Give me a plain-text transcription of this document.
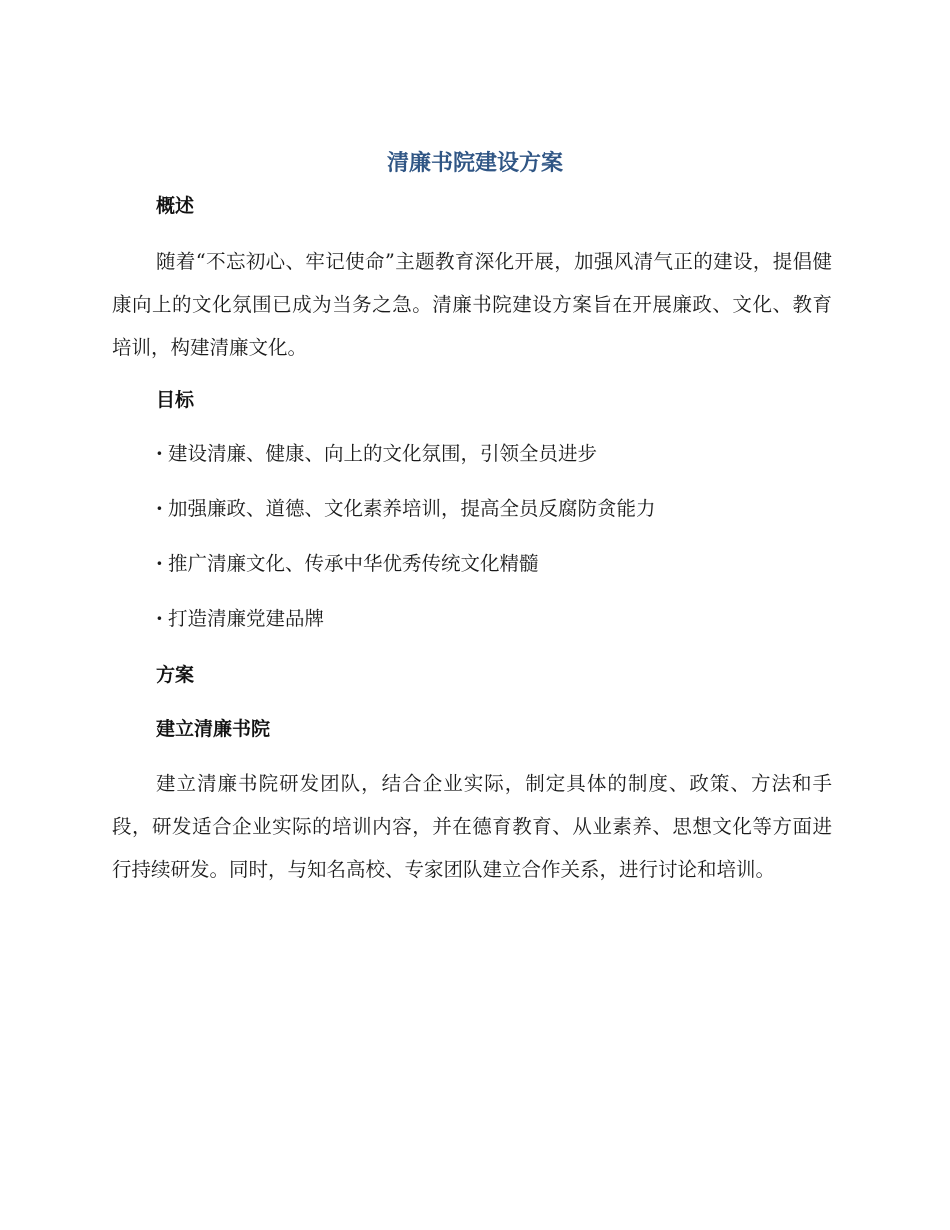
清廉书院建设方案
概述
随着“不忘初心、牢记使命”主题教育深化开展，加强风清气正的建设，提倡健康向上的文化氛围已成为当务之急。清廉书院建设方案旨在开展廉政、文化、教育培训，构建清廉文化。
目标
· 建设清廉、健康、向上的文化氛围，引领全员进步
· 加强廉政、道德、文化素养培训，提高全员反腐防贪能力
· 推广清廉文化、传承中华优秀传统文化精髓
· 打造清廉党建品牌
方案
建立清廉书院
建立清廉书院研发团队，结合企业实际，制定具体的制度、政策、方法和手段，研发适合企业实际的培训内容，并在德育教育、从业素养、思想文化等方面进行持续研发。同时，与知名高校、专家团队建立合作关系，进行讨论和培训。
